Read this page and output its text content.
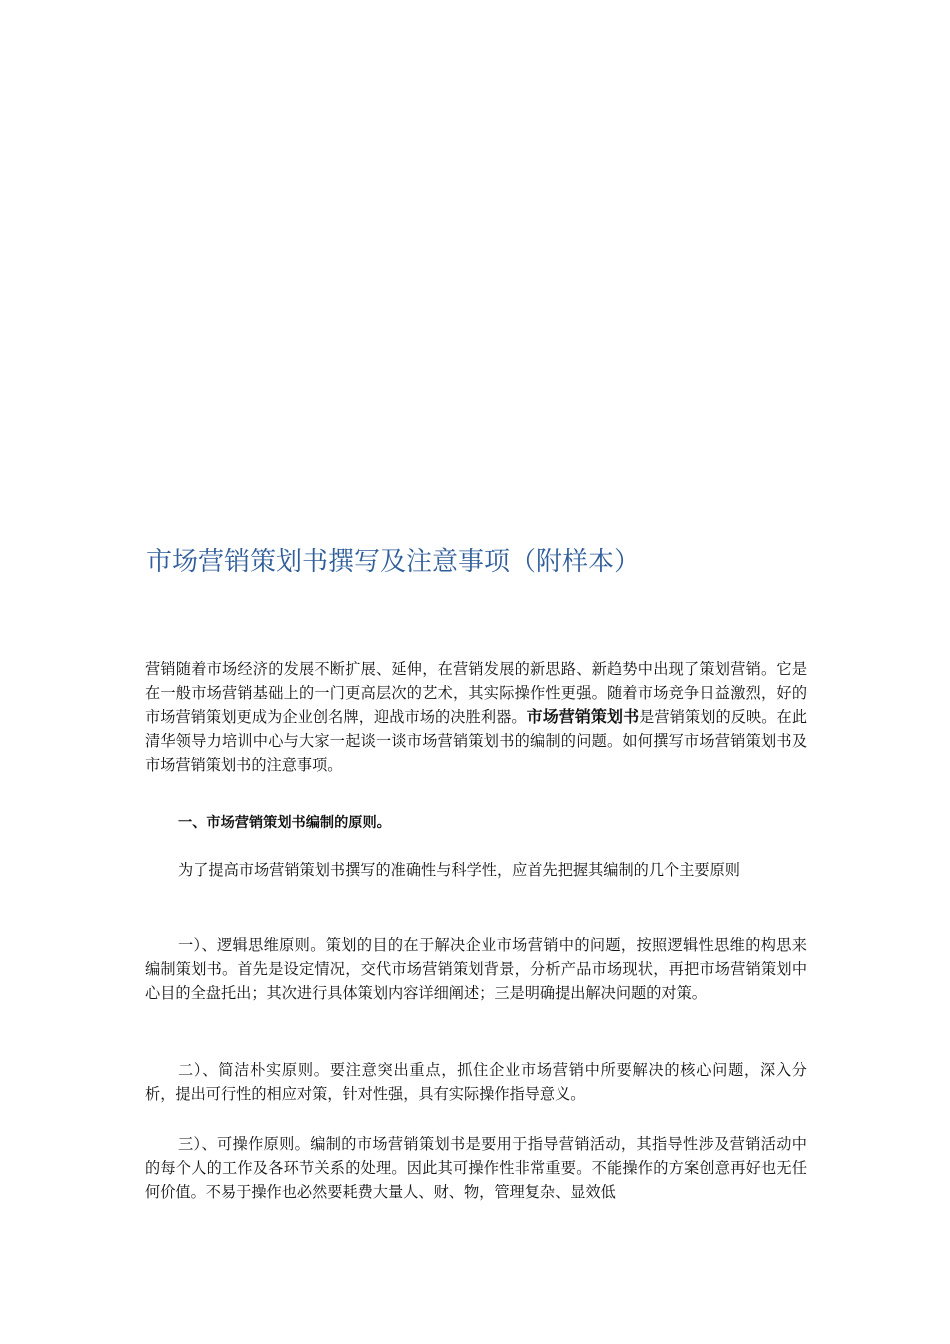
市场营销策划书撰写及注意事项（附样本）

营销随着市场经济的发展不断扩展、延伸，在营销发展的新思路、新趋势中出现了策划营销。它是在一般市场营销基础上的一门更高层次的艺术，其实际操作性更强。随着市场竞争日益激烈，好的市场营销策划更成为企业创名牌，迎战市场的决胜利器。市场营销策划书是营销策划的反映。在此清华领导力培训中心与大家一起谈一谈市场营销策划书的编制的问题。如何撰写市场营销策划书及市场营销策划书的注意事项。

一、市场营销策划书编制的原则。

为了提高市场营销策划书撰写的准确性与科学性，应首先把握其编制的几个主要原则

一）、逻辑思维原则。策划的目的在于解决企业市场营销中的问题，按照逻辑性思维的构思来编制策划书。首先是设定情况，交代市场营销策划背景，分析产品市场现状，再把市场营销策划中心目的全盘托出；其次进行具体策划内容详细阐述；三是明确提出解决问题的对策。

二）、简洁朴实原则。要注意突出重点，抓住企业市场营销中所要解决的核心问题，深入分析，提出可行性的相应对策，针对性强，具有实际操作指导意义。

三）、可操作原则。编制的市场营销策划书是要用于指导营销活动，其指导性涉及营销活动中的每个人的工作及各环节关系的处理。因此其可操作性非常重要。不能操作的方案创意再好也无任何价值。不易于操作也必然要耗费大量人、财、物，管理复杂、显效低
